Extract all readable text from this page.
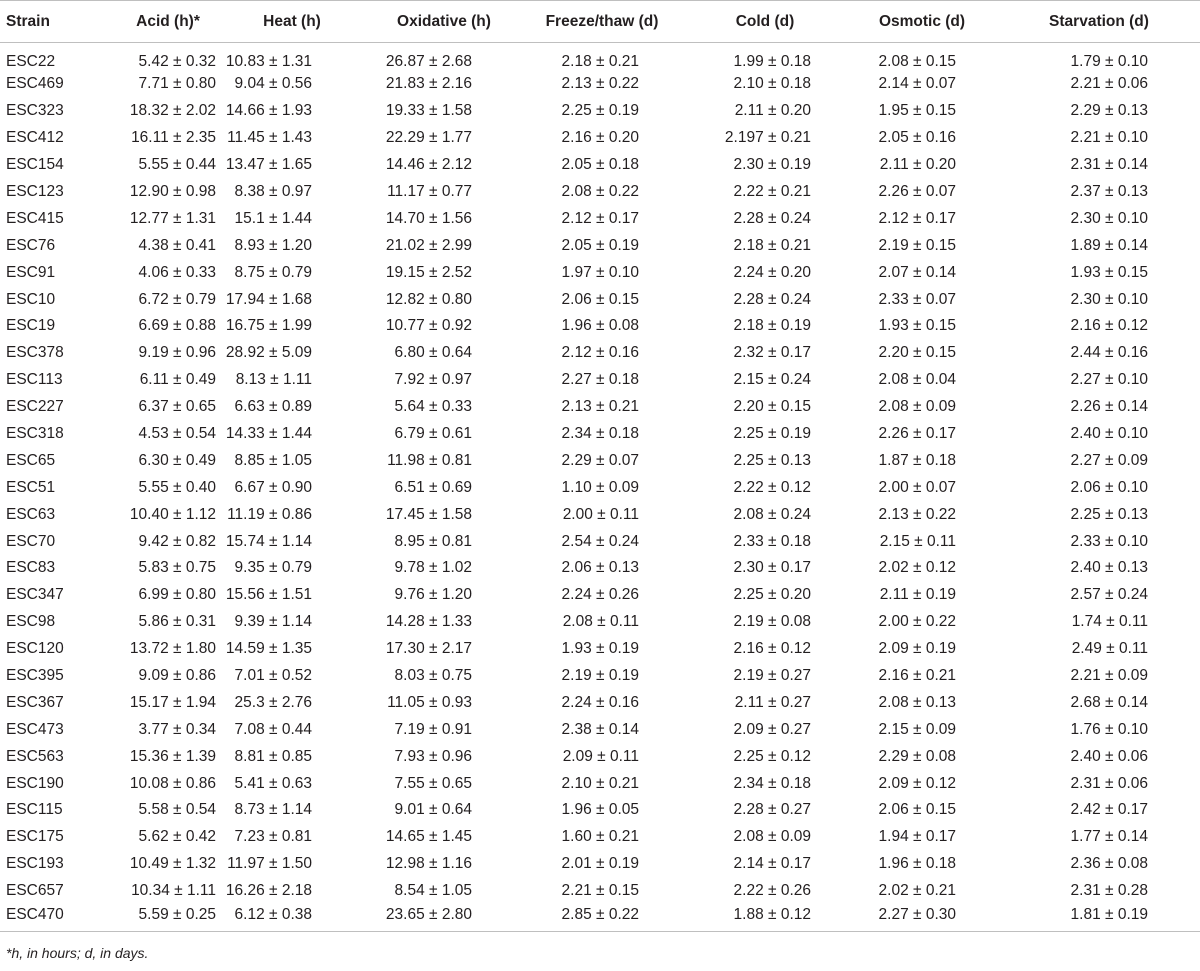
Strain	Acid (h)*	Heat (h)	Oxidative (h)	Freeze/thaw (d)	Cold (d)	Osmotic (d)	Starvation (d)
ESC22	5.42 ± 0.32	10.83 ± 1.31	26.87 ± 2.68	2.18 ± 0.21	1.99 ± 0.18	2.08 ± 0.15	1.79 ± 0.10
ESC469	7.71 ± 0.80	9.04 ± 0.56	21.83 ± 2.16	2.13 ± 0.22	2.10 ± 0.18	2.14 ± 0.07	2.21 ± 0.06
ESC323	18.32 ± 2.02	14.66 ± 1.93	19.33 ± 1.58	2.25 ± 0.19	2.11 ± 0.20	1.95 ± 0.15	2.29 ± 0.13
ESC412	16.11 ± 2.35	11.45 ± 1.43	22.29 ± 1.77	2.16 ± 0.20	2.197 ± 0.21	2.05 ± 0.16	2.21 ± 0.10
ESC154	5.55 ± 0.44	13.47 ± 1.65	14.46 ± 2.12	2.05 ± 0.18	2.30 ± 0.19	2.11 ± 0.20	2.31 ± 0.14
ESC123	12.90 ± 0.98	8.38 ± 0.97	11.17 ± 0.77	2.08 ± 0.22	2.22 ± 0.21	2.26 ± 0.07	2.37 ± 0.13
ESC415	12.77 ± 1.31	15.1 ± 1.44	14.70 ± 1.56	2.12 ± 0.17	2.28 ± 0.24	2.12 ± 0.17	2.30 ± 0.10
ESC76	4.38 ± 0.41	8.93 ± 1.20	21.02 ± 2.99	2.05 ± 0.19	2.18 ± 0.21	2.19 ± 0.15	1.89 ± 0.14
ESC91	4.06 ± 0.33	8.75 ± 0.79	19.15 ± 2.52	1.97 ± 0.10	2.24 ± 0.20	2.07 ± 0.14	1.93 ± 0.15
ESC10	6.72 ± 0.79	17.94 ± 1.68	12.82 ± 0.80	2.06 ± 0.15	2.28 ± 0.24	2.33 ± 0.07	2.30 ± 0.10
ESC19	6.69 ± 0.88	16.75 ± 1.99	10.77 ± 0.92	1.96 ± 0.08	2.18 ± 0.19	1.93 ± 0.15	2.16 ± 0.12
ESC378	9.19 ± 0.96	28.92 ± 5.09	6.80 ± 0.64	2.12 ± 0.16	2.32 ± 0.17	2.20 ± 0.15	2.44 ± 0.16
ESC113	6.11 ± 0.49	8.13 ± 1.11	7.92 ± 0.97	2.27 ± 0.18	2.15 ± 0.24	2.08 ± 0.04	2.27 ± 0.10
ESC227	6.37 ± 0.65	6.63 ± 0.89	5.64 ± 0.33	2.13 ± 0.21	2.20 ± 0.15	2.08 ± 0.09	2.26 ± 0.14
ESC318	4.53 ± 0.54	14.33 ± 1.44	6.79 ± 0.61	2.34 ± 0.18	2.25 ± 0.19	2.26 ± 0.17	2.40 ± 0.10
ESC65	6.30 ± 0.49	8.85 ± 1.05	11.98 ± 0.81	2.29 ± 0.07	2.25 ± 0.13	1.87 ± 0.18	2.27 ± 0.09
ESC51	5.55 ± 0.40	6.67 ± 0.90	6.51 ± 0.69	1.10 ± 0.09	2.22 ± 0.12	2.00 ± 0.07	2.06 ± 0.10
ESC63	10.40 ± 1.12	11.19 ± 0.86	17.45 ± 1.58	2.00 ± 0.11	2.08 ± 0.24	2.13 ± 0.22	2.25 ± 0.13
ESC70	9.42 ± 0.82	15.74 ± 1.14	8.95 ± 0.81	2.54 ± 0.24	2.33 ± 0.18	2.15 ± 0.11	2.33 ± 0.10
ESC83	5.83 ± 0.75	9.35 ± 0.79	9.78 ± 1.02	2.06 ± 0.13	2.30 ± 0.17	2.02 ± 0.12	2.40 ± 0.13
ESC347	6.99 ± 0.80	15.56 ± 1.51	9.76 ± 1.20	2.24 ± 0.26	2.25 ± 0.20	2.11 ± 0.19	2.57 ± 0.24
ESC98	5.86 ± 0.31	9.39 ± 1.14	14.28 ± 1.33	2.08 ± 0.11	2.19 ± 0.08	2.00 ± 0.22	1.74 ± 0.11
ESC120	13.72 ± 1.80	14.59 ± 1.35	17.30 ± 2.17	1.93 ± 0.19	2.16 ± 0.12	2.09 ± 0.19	2.49 ± 0.11
ESC395	9.09 ± 0.86	7.01 ± 0.52	8.03 ± 0.75	2.19 ± 0.19	2.19 ± 0.27	2.16 ± 0.21	2.21 ± 0.09
ESC367	15.17 ± 1.94	25.3 ± 2.76	11.05 ± 0.93	2.24 ± 0.16	2.11 ± 0.27	2.08 ± 0.13	2.68 ± 0.14
ESC473	3.77 ± 0.34	7.08 ± 0.44	7.19 ± 0.91	2.38 ± 0.14	2.09 ± 0.27	2.15 ± 0.09	1.76 ± 0.10
ESC563	15.36 ± 1.39	8.81 ± 0.85	7.93 ± 0.96	2.09 ± 0.11	2.25 ± 0.12	2.29 ± 0.08	2.40 ± 0.06
ESC190	10.08 ± 0.86	5.41 ± 0.63	7.55 ± 0.65	2.10 ± 0.21	2.34 ± 0.18	2.09 ± 0.12	2.31 ± 0.06
ESC115	5.58 ± 0.54	8.73 ± 1.14	9.01 ± 0.64	1.96 ± 0.05	2.28 ± 0.27	2.06 ± 0.15	2.42 ± 0.17
ESC175	5.62 ± 0.42	7.23 ± 0.81	14.65 ± 1.45	1.60 ± 0.21	2.08 ± 0.09	1.94 ± 0.17	1.77 ± 0.14
ESC193	10.49 ± 1.32	11.97 ± 1.50	12.98 ± 1.16	2.01 ± 0.19	2.14 ± 0.17	1.96 ± 0.18	2.36 ± 0.08
ESC657	10.34 ± 1.11	16.26 ± 2.18	8.54 ± 1.05	2.21 ± 0.15	2.22 ± 0.26	2.02 ± 0.21	2.31 ± 0.28
ESC470	5.59 ± 0.25	6.12 ± 0.38	23.65 ± 2.80	2.85 ± 0.22	1.88 ± 0.12	2.27 ± 0.30	1.81 ± 0.19
*h, in hours; d, in days.
